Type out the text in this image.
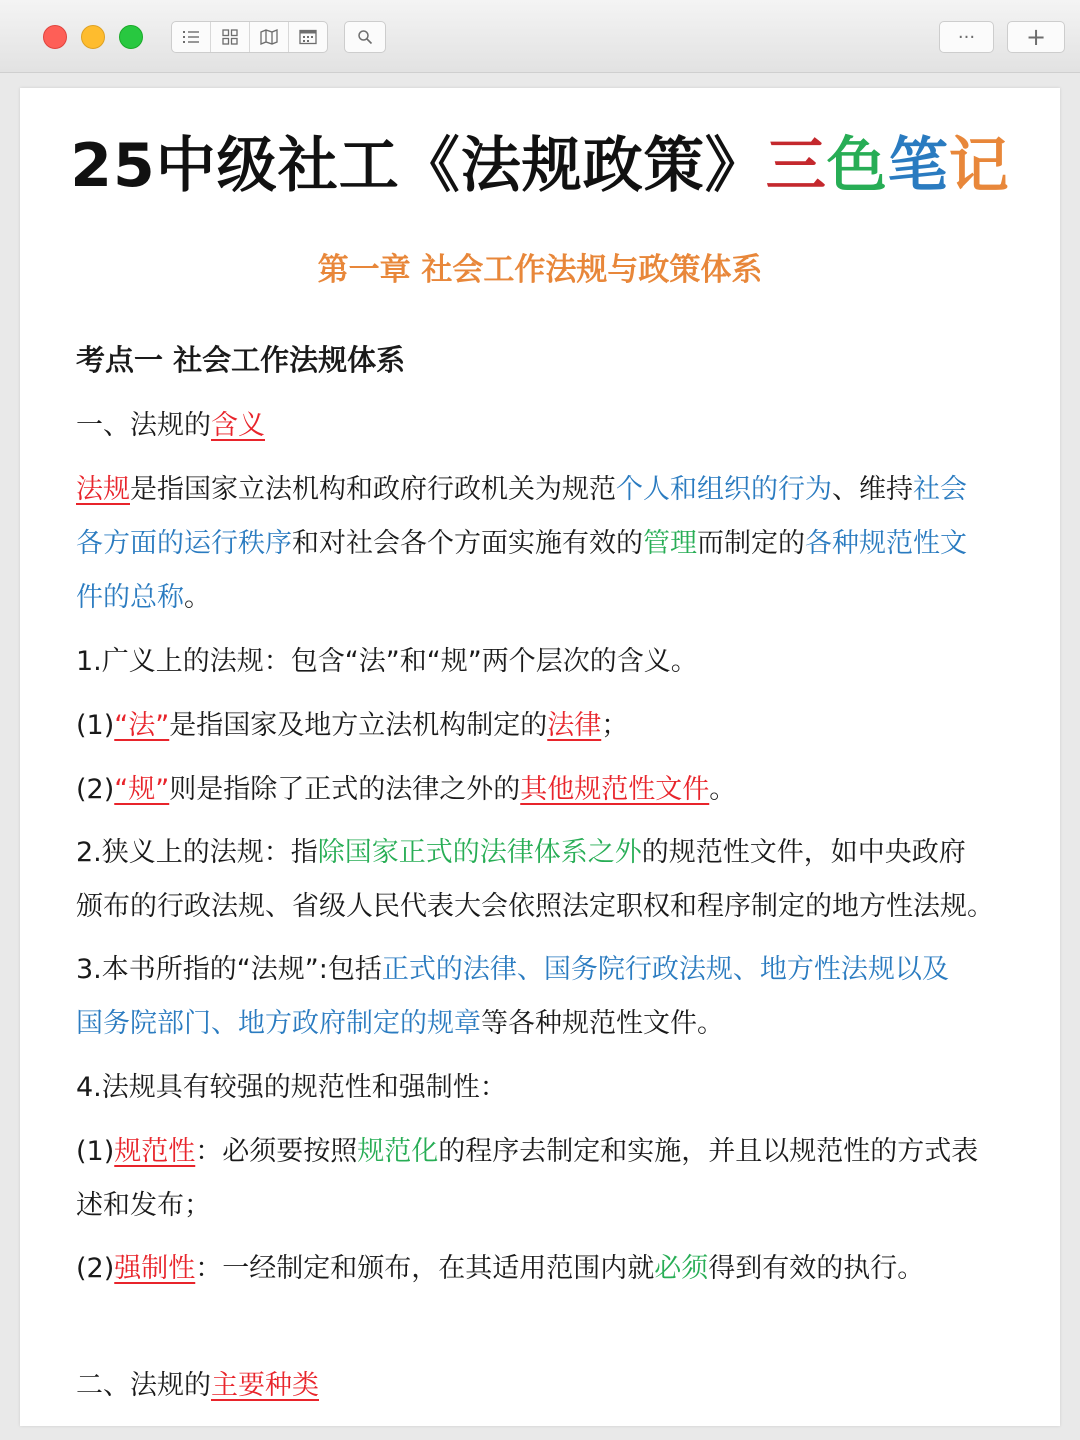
··· +
25中级社工《法规政策》三色笔记
第一章 社会工作法规与政策体系
考点一 社会工作法规体系
一、法规的含义
法规是指国家立法机构和政府行政机关为规范个人和组织的行为、维持社会
各方面的运行秩序和对社会各个方面实施有效的管理而制定的各种规范性文
件的总称。
1.广义上的法规：包含“法”和“规”两个层次的含义。
(1)“法”是指国家及地方立法机构制定的法律；
(2)“规”则是指除了正式的法律之外的其他规范性文件。
2.狭义上的法规：指除国家正式的法律体系之外的规范性文件，如中央政府
颁布的行政法规、省级人民代表大会依照法定职权和程序制定的地方性法规。
3.本书所指的“法规”:包括正式的法律、国务院行政法规、地方性法规以及
国务院部门、地方政府制定的规章等各种规范性文件。
4.法规具有较强的规范性和强制性：
(1)规范性：必须要按照规范化的程序去制定和实施，并且以规范性的方式表
述和发布；
(2)强制性：一经制定和颁布，在其适用范围内就必须得到有效的执行。
二、法规的主要种类
